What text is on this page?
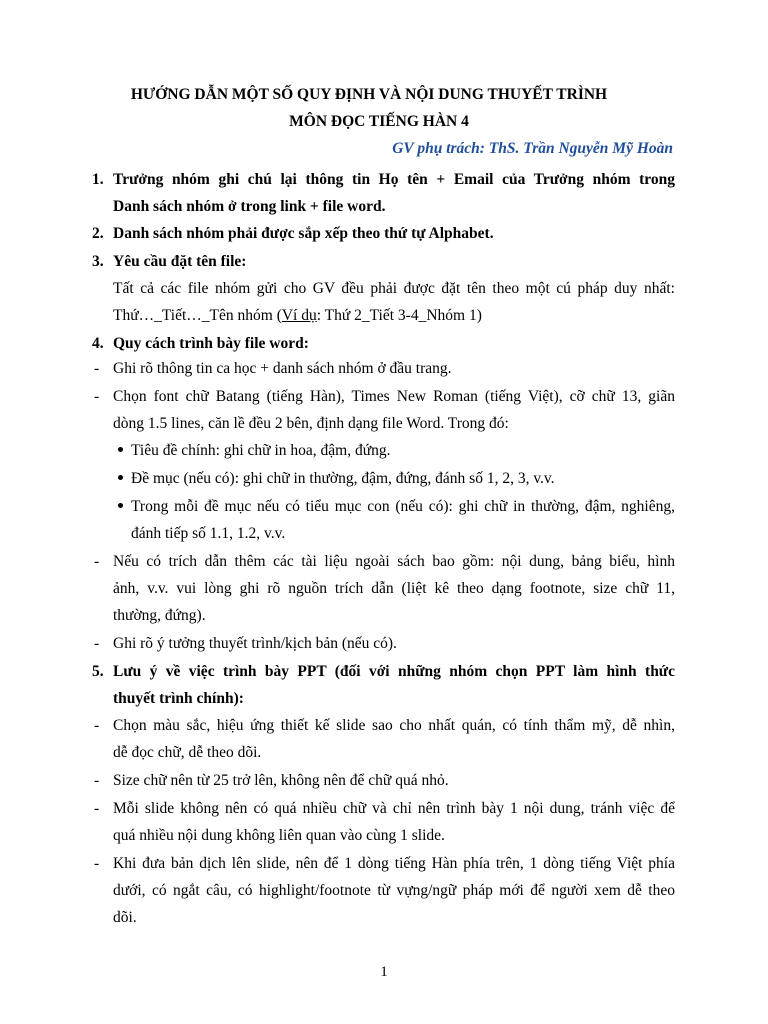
HƯỚNG DẪN MỘT SỐ QUY ĐỊNH VÀ NỘI DUNG THUYẾT TRÌNH
MÔN ĐỌC TIẾNG HÀN 4
GV phụ trách: ThS. Trần Nguyễn Mỹ Hoàn
1. Trưởng nhóm ghi chú lại thông tin Họ tên + Email của Trưởng nhóm trong
Danh sách nhóm ở trong link + file word.
2. Danh sách nhóm phải được sắp xếp theo thứ tự Alphabet.
3. Yêu cầu đặt tên file:
Tất cả các file nhóm gửi cho GV đều phải được đặt tên theo một cú pháp duy nhất:
Thứ…_Tiết…_Tên nhóm (Ví dụ: Thứ 2_Tiết 3-4_Nhóm 1)
4. Quy cách trình bày file word:
- Ghi rõ thông tin ca học + danh sách nhóm ở đầu trang.
- Chọn font chữ Batang (tiếng Hàn), Times New Roman (tiếng Việt), cỡ chữ 13, giãn
dòng 1.5 lines, căn lề đều 2 bên, định dạng file Word. Trong đó:
Tiêu đề chính: ghi chữ in hoa, đậm, đứng.
Đề mục (nếu có): ghi chữ in thường, đậm, đứng, đánh số 1, 2, 3, v.v.
Trong mỗi đề mục nếu có tiểu mục con (nếu có): ghi chữ in thường, đậm, nghiêng,
đánh tiếp số 1.1, 1.2, v.v.
- Nếu có trích dẫn thêm các tài liệu ngoài sách bao gồm: nội dung, bảng biểu, hình
ảnh, v.v. vui lòng ghi rõ nguồn trích dẫn (liệt kê theo dạng footnote, size chữ 11,
thường, đứng).
- Ghi rõ ý tưởng thuyết trình/kịch bản (nếu có).
5. Lưu ý về việc trình bày PPT (đối với những nhóm chọn PPT làm hình thức
thuyết trình chính):
- Chọn màu sắc, hiệu ứng thiết kế slide sao cho nhất quán, có tính thẩm mỹ, dễ nhìn,
dễ đọc chữ, dễ theo dõi.
- Size chữ nên từ 25 trở lên, không nên để chữ quá nhỏ.
- Mỗi slide không nên có quá nhiều chữ và chỉ nên trình bày 1 nội dung, tránh việc để
quá nhiều nội dung không liên quan vào cùng 1 slide.
- Khi đưa bản dịch lên slide, nên để 1 dòng tiếng Hàn phía trên, 1 dòng tiếng Việt phía
dưới, có ngắt câu, có highlight/footnote từ vựng/ngữ pháp mới để người xem dễ theo
dõi.
1
